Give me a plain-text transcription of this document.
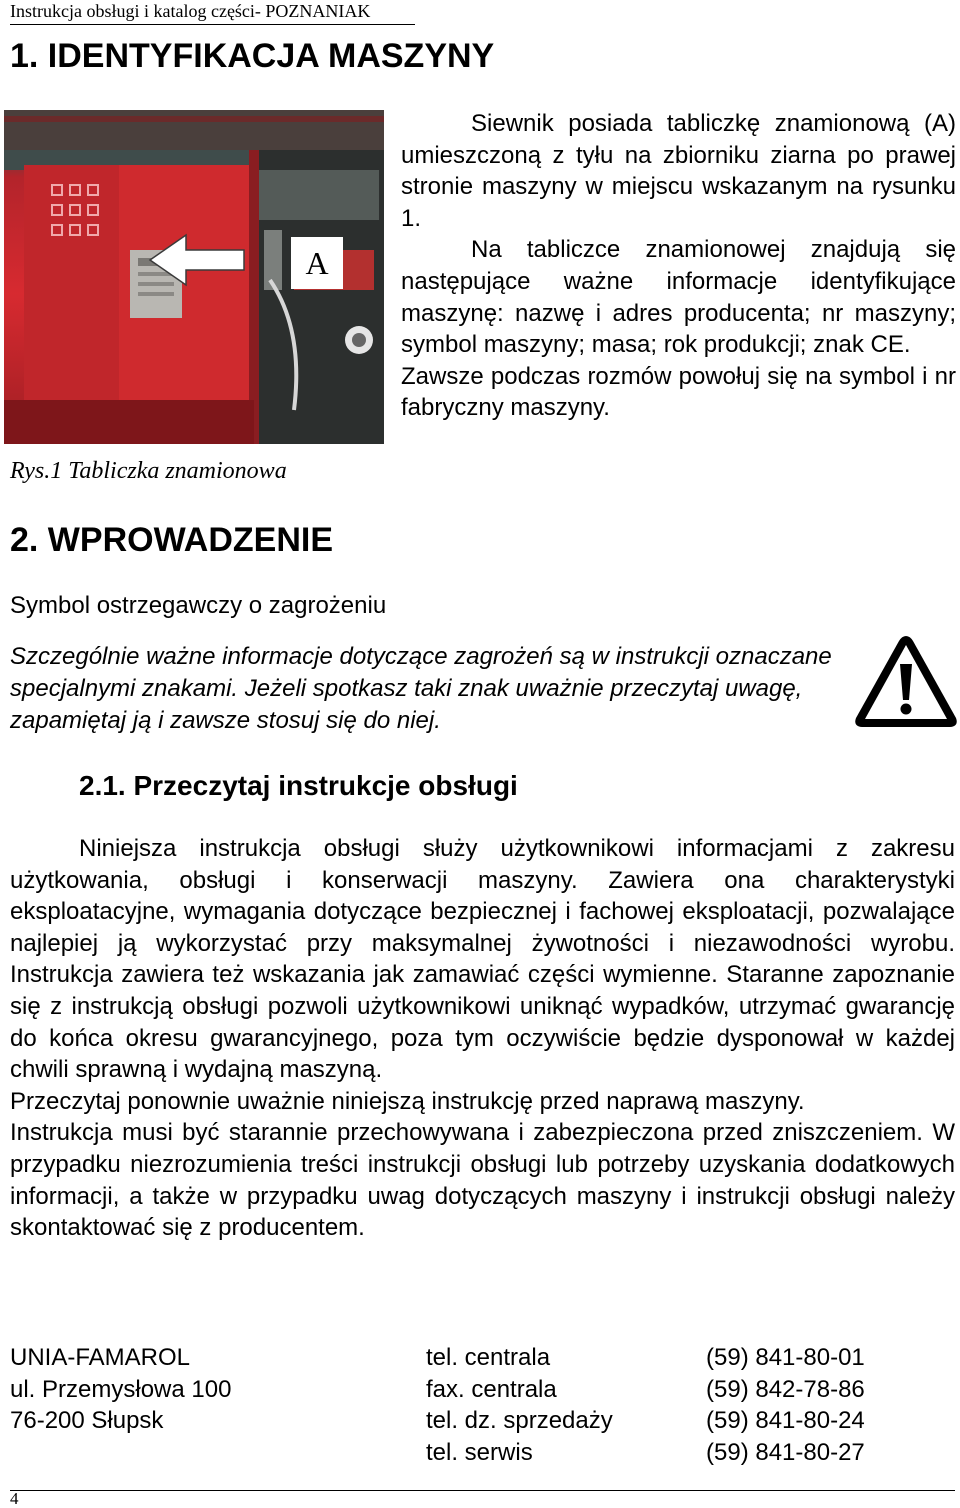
Instrukcja obsługi i katalog części- POZNANIAK
1. IDENTYFIKACJA MASZYNY
A
Rys.1 Tabliczka znamionowa

Siewnik posiada tabliczkę znamionową (A) umieszczoną z tyłu na zbiorniku ziarna po prawej stronie maszyny w miejscu wskazanym na rysunku 1.

Na tabliczce znamionowej znajdują się następujące ważne informacje identyfikujące maszynę: nazwę i adres producenta; nr maszyny; symbol maszyny; masa; rok produkcji; znak CE.

Zawsze podczas rozmów powołuj się na symbol i nr fabryczny maszyny.

2. WPROWADZENIE
Symbol ostrzegawczy o zagrożeniu
Szczególnie ważne informacje dotyczące zagrożeń są w instrukcji oznaczane specjalnymi znakami. Jeżeli spotkasz taki znak uważnie przeczytaj uwagę, zapamiętaj ją i zawsze stosuj się do niej.
2.1. Przeczytaj instrukcje obsługi

Niniejsza instrukcja obsługi służy użytkownikowi informacjami z zakresu użytkowania, obsługi i konserwacji maszyny. Zawiera ona charakterystyki eksploatacyjne, wymagania dotyczące bezpiecznej i fachowej eksploatacji, pozwalające najlepiej ją wykorzystać przy maksymalnej żywotności i niezawodności wyrobu. Instrukcja zawiera też wskazania jak zamawiać części wymienne. Staranne zapoznanie się z instrukcją obsługi pozwoli użytkownikowi uniknąć wypadków, utrzymać gwarancję do końca okresu gwarancyjnego, poza tym oczywiście będzie dysponował w każdej chwili sprawną i wydajną maszyną.

Przeczytaj ponownie uważnie niniejszą instrukcję przed naprawą maszyny.

Instrukcja musi być starannie przechowywana i zabezpieczona przed zniszczeniem. W przypadku niezrozumienia treści instrukcji obsługi lub potrzeby uzyskania dodatkowych informacji, a także w przypadku uwag dotyczących maszyny i instrukcji obsługi należy skontaktować się z producentem.

UNIA-FAMAROL
ul. Przemysłowa 100
76-200 Słupsk
tel. centrala
fax. centrala
tel. dz. sprzedaży
tel. serwis
(59) 841-80-01
(59) 842-78-86
(59) 841-80-24
(59) 841-80-27
4
